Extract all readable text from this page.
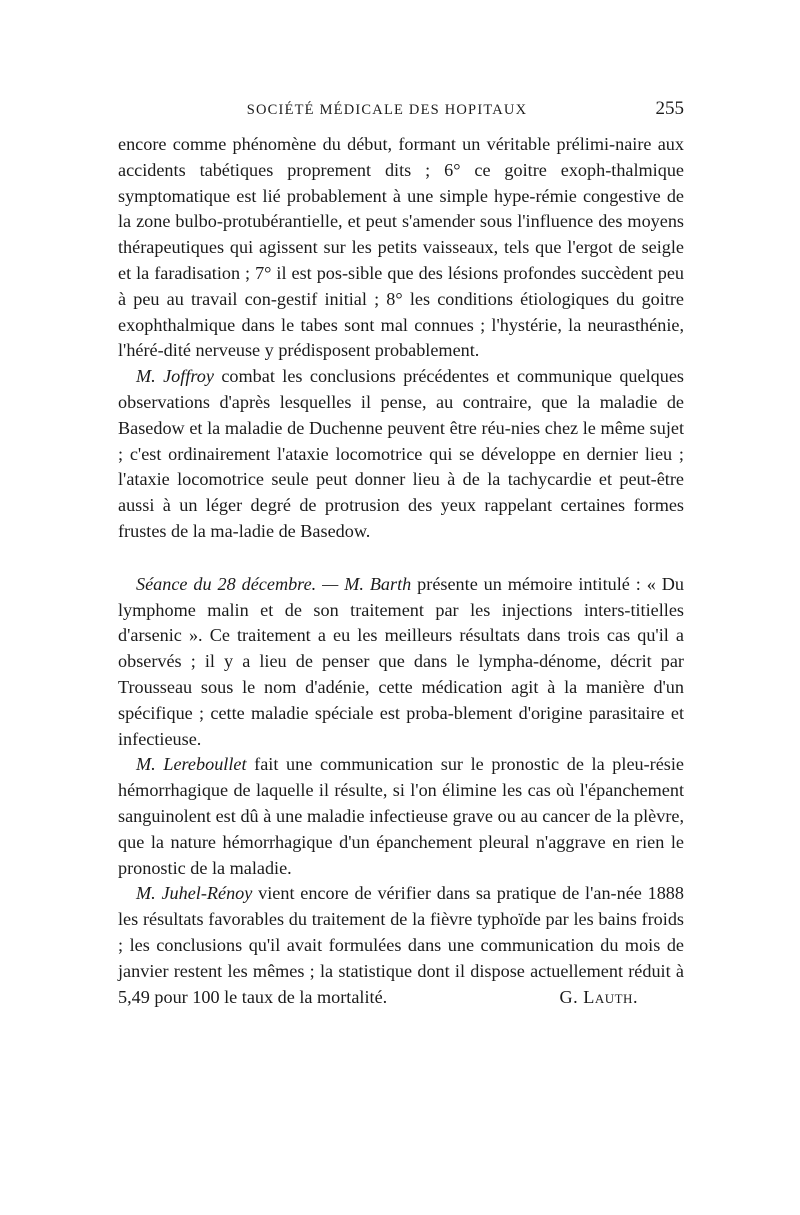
SOCIÉTÉ MÉDICALE DES HOPITAUX	255

encore comme phénomène du début, formant un véritable prélimi-naire aux accidents tabétiques proprement dits ; 6° ce goitre exoph-thalmique symptomatique est lié probablement à une simple hype-rémie congestive de la zone bulbo-protubérantielle, et peut s'amender sous l'influence des moyens thérapeutiques qui agissent sur les petits vaisseaux, tels que l'ergot de seigle et la faradisation ; 7° il est pos-sible que des lésions profondes succèdent peu à peu au travail con-gestif initial ; 8° les conditions étiologiques du goitre exophthalmique dans le tabes sont mal connues ; l'hystérie, la neurasthénie, l'héré-dité nerveuse y prédisposent probablement.

M. Joffroy combat les conclusions précédentes et communique quelques observations d'après lesquelles il pense, au contraire, que la maladie de Basedow et la maladie de Duchenne peuvent être réu-nies chez le même sujet ; c'est ordinairement l'ataxie locomotrice qui se développe en dernier lieu ; l'ataxie locomotrice seule peut donner lieu à de la tachycardie et peut-être aussi à un léger degré de protrusion des yeux rappelant certaines formes frustes de la ma-ladie de Basedow.

Séance du 28 décembre. — M. Barth présente un mémoire intitulé : « Du lymphome malin et de son traitement par les injections inters-titielles d'arsenic ». Ce traitement a eu les meilleurs résultats dans trois cas qu'il a observés ; il y a lieu de penser que dans le lympha-dénome, décrit par Trousseau sous le nom d'adénie, cette médication agit à la manière d'un spécifique ; cette maladie spéciale est proba-blement d'origine parasitaire et infectieuse.

M. Lereboullet fait une communication sur le pronostic de la pleu-résie hémorrhagique de laquelle il résulte, si l'on élimine les cas où l'épanchement sanguinolent est dû à une maladie infectieuse grave ou au cancer de la plèvre, que la nature hémorrhagique d'un épanchement pleural n'aggrave en rien le pronostic de la maladie.

M. Juhel-Rénoy vient encore de vérifier dans sa pratique de l'an-née 1888 les résultats favorables du traitement de la fièvre typhoïde par les bains froids ; les conclusions qu'il avait formulées dans une communication du mois de janvier restent les mêmes ; la statistique dont il dispose actuellement réduit à 5,49 pour 100 le taux de la mortalité.	G. Lauth.
